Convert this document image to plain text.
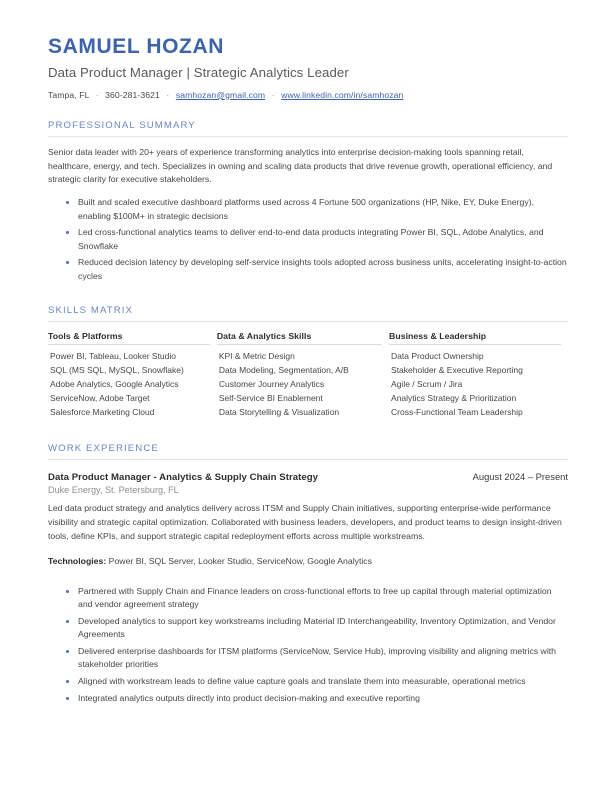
SAMUEL HOZAN
Data Product Manager | Strategic Analytics Leader
Tampa, FL · 360-281-3621 · samhozan@gmail.com · www.linkedin.com/in/samhozan
PROFESSIONAL SUMMARY

Senior data leader with 20+ years of experience transforming analytics into enterprise decision-making tools spanning retail, healthcare, energy, and tech. Specializes in owning and scaling data products that drive revenue growth, operational efficiency, and strategic clarity for executive stakeholders.

Built and scaled executive dashboard platforms used across 4 Fortune 500 organizations (HP, Nike, EY, Duke Energy), enabling $100M+ in strategic decisions
Led cross-functional analytics teams to deliver end-to-end data products integrating Power BI, SQL, Adobe Analytics, and Snowflake
Reduced decision latency by developing self-service insights tools adopted across business units, accelerating insight-to-action cycles
SKILLS MATRIX
Tools & Platforms
Power BI, Tableau, Looker Studio
SQL (MS SQL, MySQL, Snowflake)
Adobe Analytics, Google Analytics
ServiceNow, Adobe Target
Salesforce Marketing Cloud
Data & Analytics Skills
KPI & Metric Design
Data Modeling, Segmentation, A/B
Customer Journey Analytics
Self-Service BI Enablement
Data Storytelling & Visualization
Business & Leadership
Data Product Ownership
Stakeholder & Executive Reporting
Agile / Scrum / Jira
Analytics Strategy & Prioritization
Cross-Functional Team Leadership
WORK EXPERIENCE
Data Product Manager - Analytics & Supply Chain Strategy	August 2024 – Present
Duke Energy, St. Petersburg, FL

Led data product strategy and analytics delivery across ITSM and Supply Chain initiatives, supporting enterprise-wide performance visibility and strategic capital optimization. Collaborated with business leaders, developers, and product teams to design insight-driven tools, define KPIs, and support strategic capital redeployment efforts across multiple workstreams.

Technologies: Power BI, SQL Server, Looker Studio, ServiceNow, Google Analytics
Partnered with Supply Chain and Finance leaders on cross-functional efforts to free up capital through material optimization and vendor agreement strategy
Developed analytics to support key workstreams including Material ID Interchangeability, Inventory Optimization, and Vendor Agreements
Delivered enterprise dashboards for ITSM platforms (ServiceNow, Service Hub), improving visibility and aligning metrics with stakeholder priorities
Aligned with workstream leads to define value capture goals and translate them into measurable, operational metrics
Integrated analytics outputs directly into product decision-making and executive reporting
